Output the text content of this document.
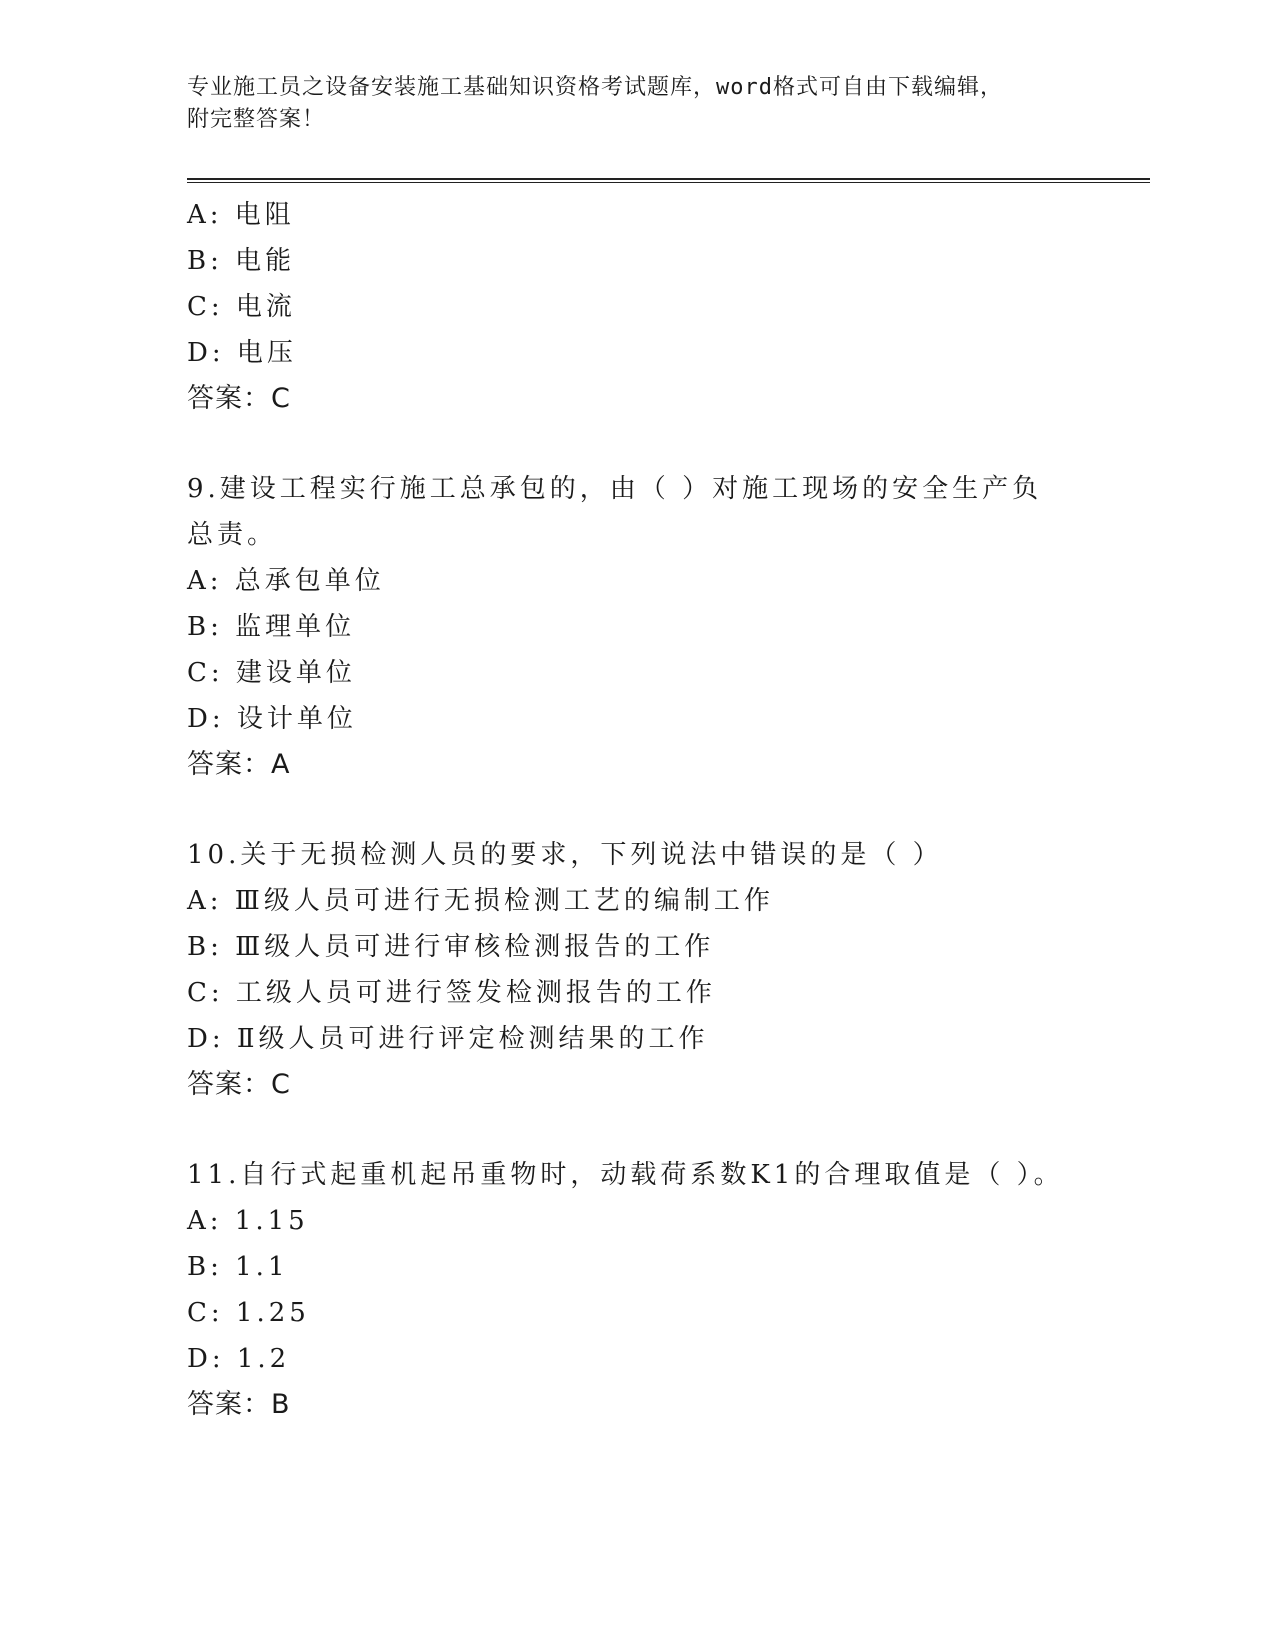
专业施工员之设备安装施工基础知识资格考试题库，word格式可自由下载编辑，
附完整答案！
A: 电阻
B: 电能
C: 电流
D: 电压
答案：C
9.建设工程实行施工总承包的，由（ ）对施工现场的安全生产负总责。
A: 总承包单位
B: 监理单位
C: 建设单位
D: 设计单位
答案：A
10.关于无损检测人员的要求，下列说法中错误的是（ ）
A: Ⅲ级人员可进行无损检测工艺的编制工作
B: Ⅲ级人员可进行审核检测报告的工作
C: 工级人员可进行签发检测报告的工作
D: Ⅱ级人员可进行评定检测结果的工作
答案：C
11.自行式起重机起吊重物时，动载荷系数K1的合理取值是（ ）。
A: 1.15
B: 1.1
C: 1.25
D: 1.2
答案：B
